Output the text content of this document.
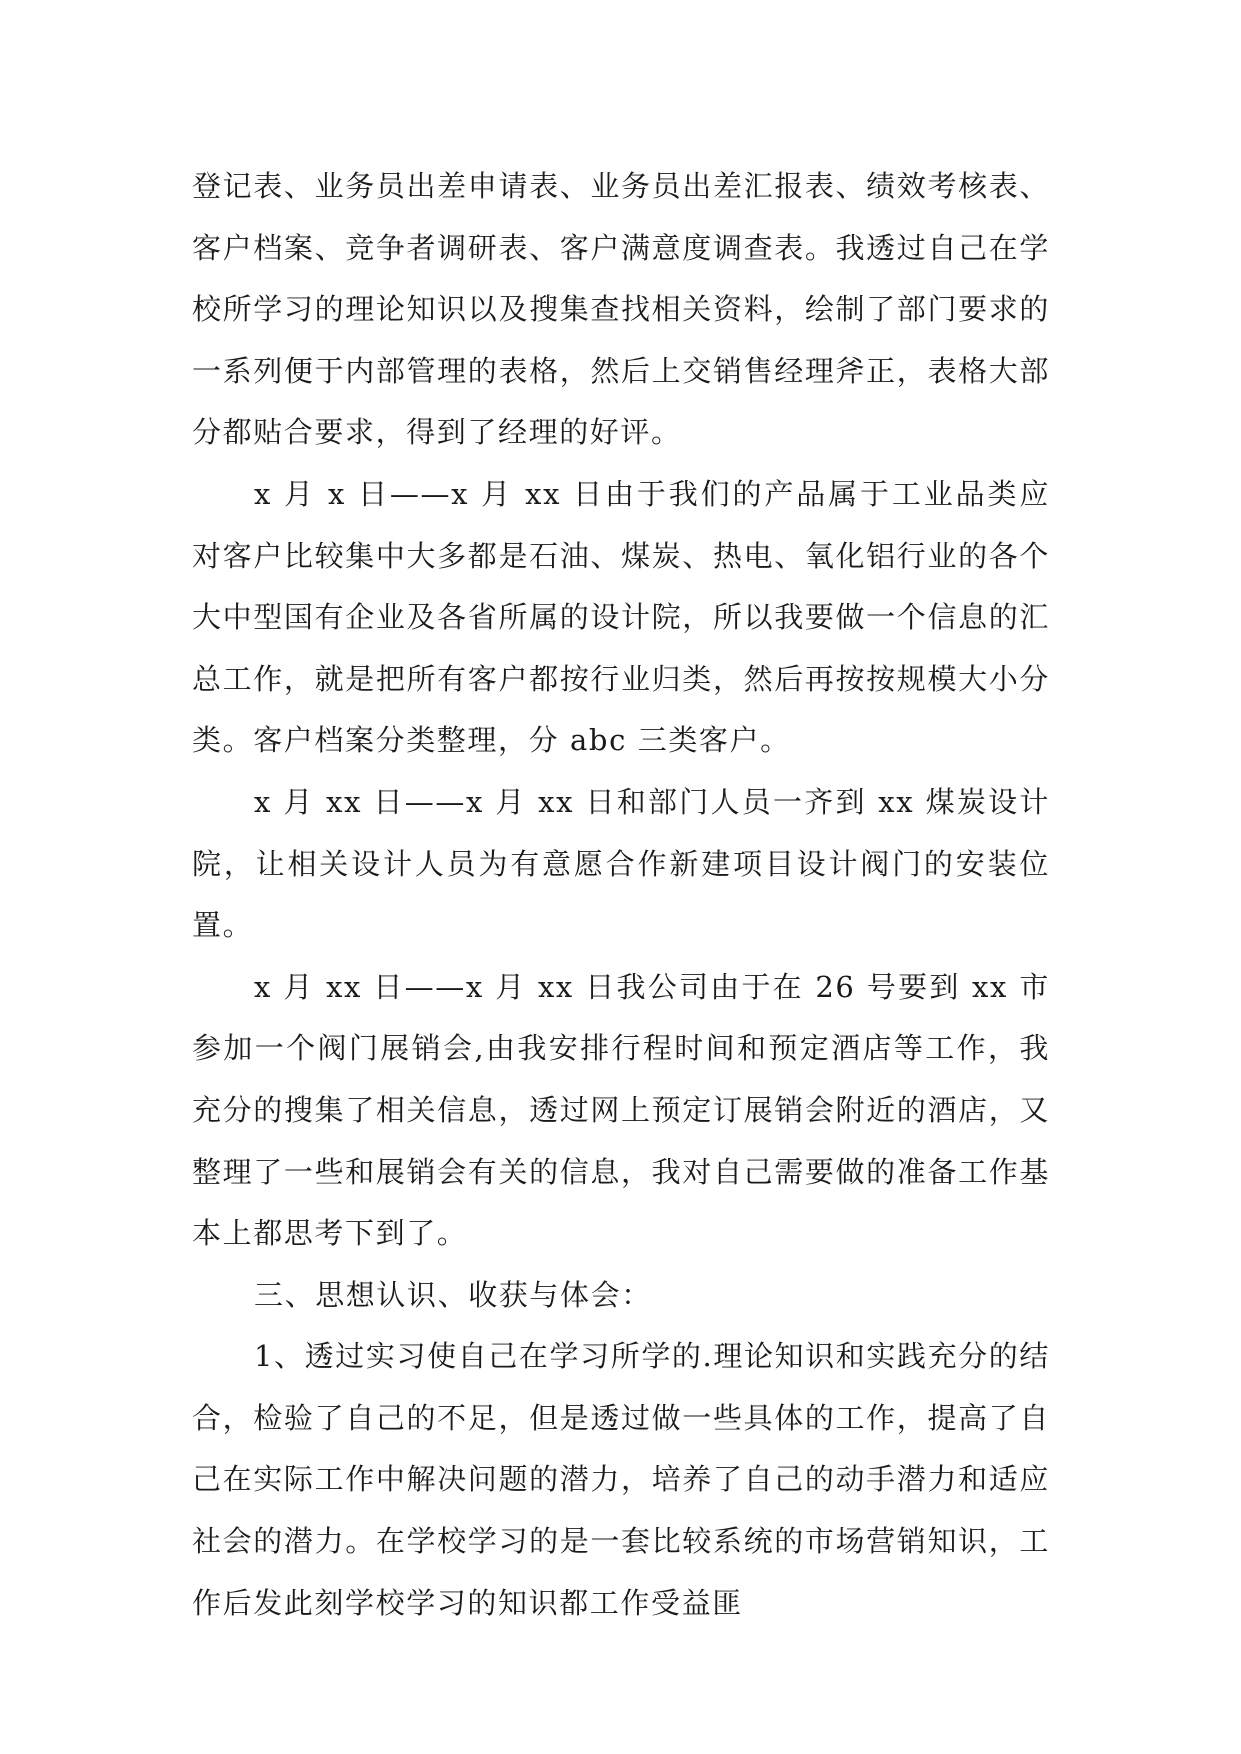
登记表、业务员出差申请表、业务员出差汇报表、绩效考核表、客户档案、竞争者调研表、客户满意度调查表。我透过自己在学校所学习的理论知识以及搜集查找相关资料，绘制了部门要求的一系列便于内部管理的表格，然后上交销售经理斧正，表格大部分都贴合要求，得到了经理的好评。

x 月 x 日——x 月 xx 日由于我们的产品属于工业品类应对客户比较集中大多都是石油、煤炭、热电、氧化铝行业的各个大中型国有企业及各省所属的设计院，所以我要做一个信息的汇总工作，就是把所有客户都按行业归类，然后再按按规模大小分类。客户档案分类整理，分 abc 三类客户。

x 月 xx 日——x 月 xx 日和部门人员一齐到 xx 煤炭设计院，让相关设计人员为有意愿合作新建项目设计阀门的安装位置。

x 月 xx 日——x 月 xx 日我公司由于在 26 号要到 xx 市参加一个阀门展销会,由我安排行程时间和预定酒店等工作，我充分的搜集了相关信息，透过网上预定订展销会附近的酒店，又整理了一些和展销会有关的信息，我对自己需要做的准备工作基本上都思考下到了。

三、思想认识、收获与体会：

1、透过实习使自己在学习所学的.理论知识和实践充分的结合，检验了自己的不足，但是透过做一些具体的工作，提高了自己在实际工作中解决问题的潜力，培养了自己的动手潜力和适应社会的潜力。在学校学习的是一套比较系统的市场营销知识，工作后发此刻学校学习的知识都工作受益匪
